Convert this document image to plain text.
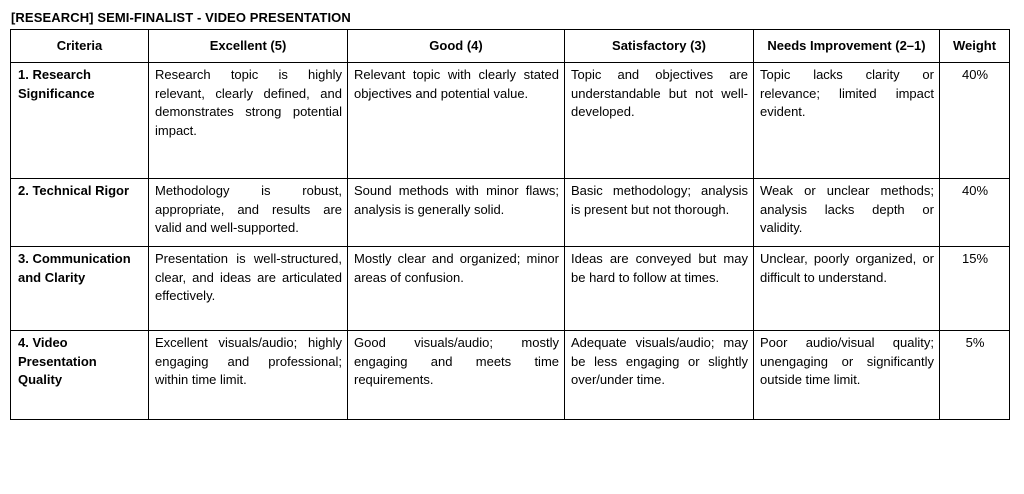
[RESEARCH] SEMI-FINALIST - VIDEO PRESENTATION
Criteria	Excellent (5)	Good (4)	Satisfactory (3)	Needs Improvement (2–1)	Weight
1. Research Significance	Research topic is highly relevant, clearly defined, and demonstrates strong potential impact.	Relevant topic with clearly stated objectives and potential value.	Topic and objectives are understandable but not well-developed.	Topic lacks clarity or relevance; limited impact evident.	40%
2. Technical Rigor	Methodology is robust, appropriate, and results are valid and well-supported.	Sound methods with minor flaws; analysis is generally solid.	Basic methodology; analysis is present but not thorough.	Weak or unclear methods; analysis lacks depth or validity.	40%
3. Communication and Clarity	Presentation is well-structured, clear, and ideas are articulated effectively.	Mostly clear and organized; minor areas of confusion.	Ideas are conveyed but may be hard to follow at times.	Unclear, poorly organized, or difficult to understand.	15%
4. Video Presentation Quality	Excellent visuals/audio; highly engaging and professional; within time limit.	Good visuals/audio; mostly engaging and meets time requirements.	Adequate visuals/audio; may be less engaging or slightly over/under time.	Poor audio/visual quality; unengaging or significantly outside time limit.	5%
